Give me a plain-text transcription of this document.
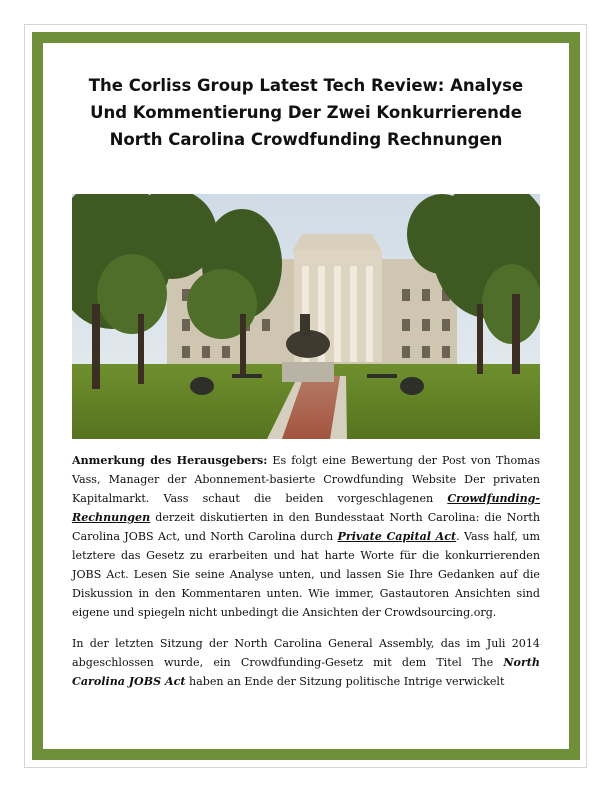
The Corliss Group Latest Tech Review: Analyse
Und Kommentierung Der Zwei Konkurrierende
North Carolina Crowdfunding Rechnungen

Anmerkung des Herausgebers: Es folgt eine Bewertung der Post von Thomas Vass, Manager der Abonnement-basierte Crowdfunding Website Der privaten Kapitalmarkt. Vass schaut die beiden vorgeschlagenen Crowdfunding-Rechnungen derzeit diskutierten in den Bundesstaat North Carolina: die North Carolina JOBS Act, und North Carolina durch Private Capital Act. Vass half, um letztere das Gesetz zu erarbeiten und hat harte Worte für die konkurrierenden JOBS Act. Lesen Sie seine Analyse unten, und lassen Sie Ihre Gedanken auf die Diskussion in den Kommentaren unten. Wie immer, Gastautoren Ansichten sind eigene und spiegeln nicht unbedingt die Ansichten der Crowdsourcing.org.

In der letzten Sitzung der North Carolina General Assembly, das im Juli 2014 abgeschlossen wurde, ein Crowdfunding-Gesetz mit dem Titel The North Carolina JOBS Act haben an Ende der Sitzung politische Intrige verwickelt
